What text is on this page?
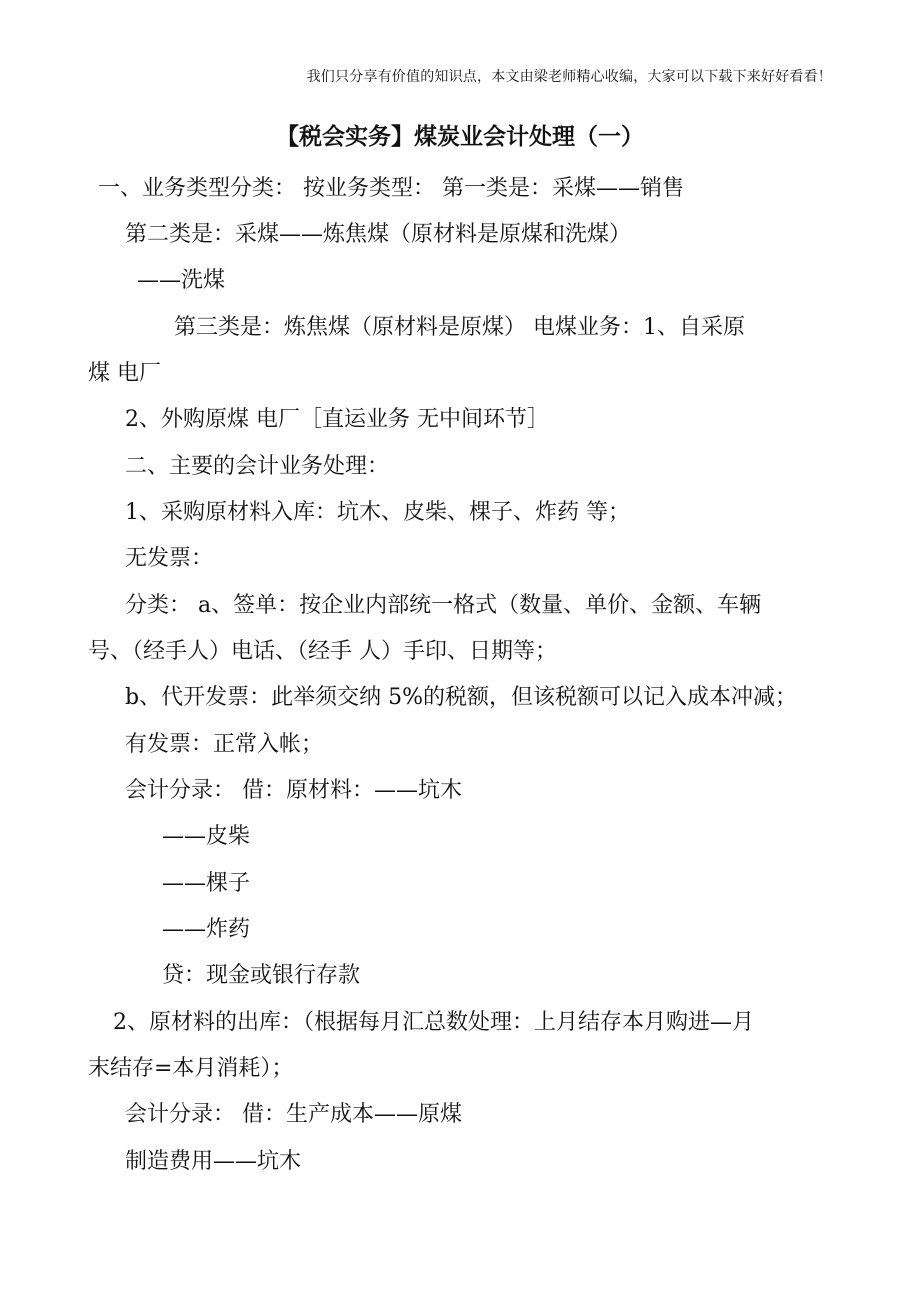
我们只分享有价值的知识点，本文由梁老师精心收编，大家可以下载下来好好看看！
【税会实务】煤炭业会计处理（一）
一、业务类型分类： 按业务类型： 第一类是：采煤——销售
第二类是：采煤——炼焦煤（原材料是原煤和洗煤）
——洗煤
第三类是：炼焦煤（原材料是原煤） 电煤业务：1、自采原
煤 电厂
2、外购原煤 电厂［直运业务 无中间环节］
二、主要的会计业务处理：
1、采购原材料入库：坑木、皮柴、棵子、炸药 等；
无发票：
分类： a、签单：按企业内部统一格式（数量、单价、金额、车辆
号、（经手人）电话、（经手 人）手印、日期等；
b、代开发票：此举须交纳 5%的税额，但该税额可以记入成本冲减；
有发票：正常入帐；
会计分录： 借：原材料：——坑木
——皮柴
——棵子
——炸药
贷：现金或银行存款
2、原材料的出库：（根据每月汇总数处理：上月结存本月购进—月
末结存=本月消耗）；
会计分录： 借：生产成本——原煤
制造费用——坑木
